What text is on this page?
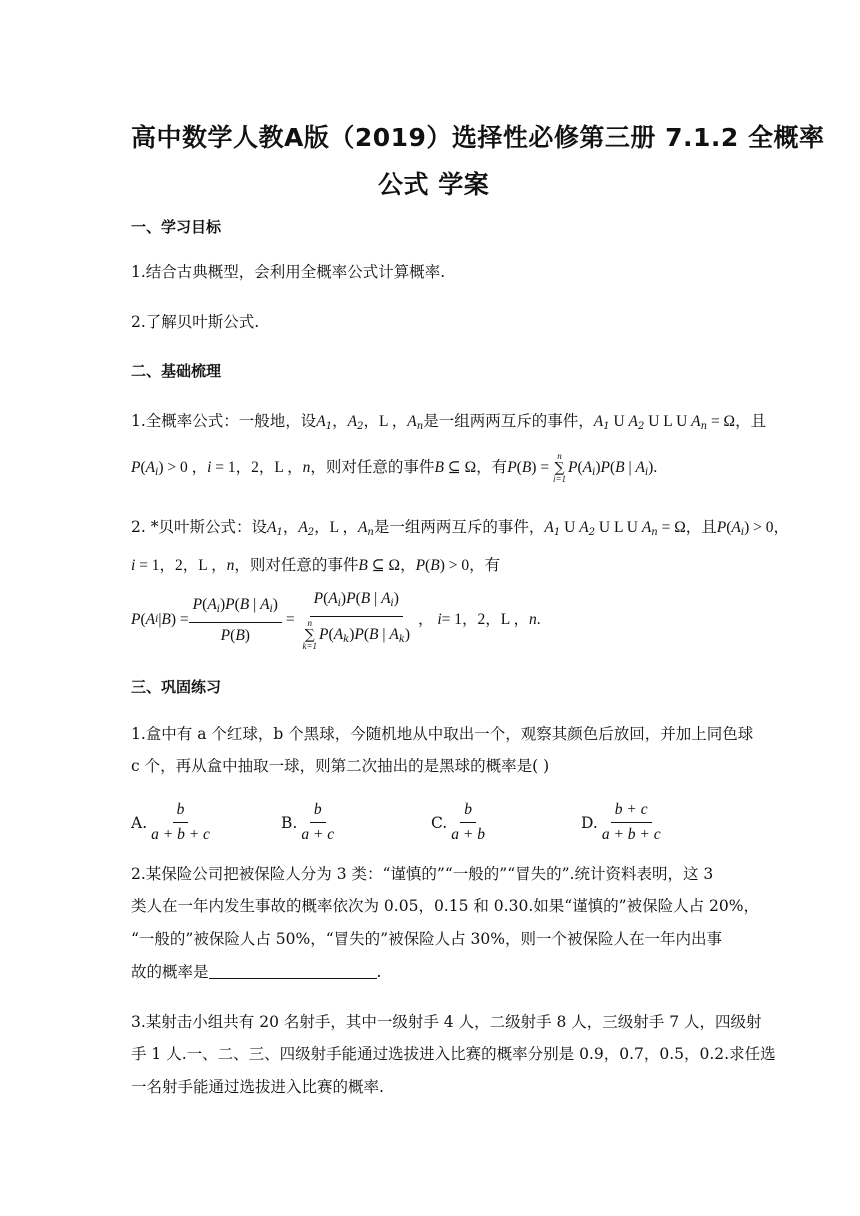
高中数学人教A版（2019）选择性必修第三册 7.1.2 全概率
公式 学案
一、学习目标
1.结合古典概型，会利用全概率公式计算概率.
2.了解贝叶斯公式.
二、基础梳理
1.全概率公式：一般地，设$A_1$，$A_2$，L ，$A_n$是一组两两互斥的事件，$A_1$ U $A_2$ U L U $A_n = \Omega$，且
$P(A_i) > 0$ ，i = 1，2，L ，n，则对任意的事件B ⊆ Ω，有P(B) =
n
∑
i=1
$P(A_i)P(B$ | $A_i$).
2. *贝叶斯公式：设$A_1$，$A_2$，L ，$A_n$是一组两两互斥的事件，$A_1$ U $A_2$ U L U $A_n = \Omega$，且$P(A_i) > 0$，
i = 1，2，L ，n，则对任意的事件B ⊆ Ω，P(B) > 0，有
P ( A i | B ) = $\frac{P(A_i)P(B | A_i)}{P(B)} = P(A_i)P(B$ | $A_i$)
n
∑
k=1
$P(A_k)P(B$ | $A_k$) ， i = 1，2，L ， n .
三、巩固练习
1.盒中有 a 个红球，b 个黑球，今随机地从中取出一个，观察其颜色后放回，并加上同色球
c 个，再从盒中抽取一球，则第二次抽出的是黑球的概率是( )
A. $\frac{b}{a + b + c}$	B. $\frac{b}{a + c}$	C. $\frac{b}{a + b}$	D. $\frac{b + c}{a + b + c}$
2.某保险公司把被保险人分为 3 类：“谨慎的”“一般的”“冒失的”.统计资料表明，这 3
类人在一年内发生事故的概率依次为 0.05，0.15 和 0.30.如果“谨慎的”被保险人占 20%，
“一般的”被保险人占 50%，“冒失的”被保险人占 30%，则一个被保险人在一年内出事
故的概率是	.
3.某射击小组共有 20 名射手，其中一级射手 4 人，二级射手 8 人，三级射手 7 人，四级射
手 1 人.一、二、三、四级射手能通过选拔进入比赛的概率分别是 0.9，0.7，0.5，0.2.求任选
一名射手能通过选拔进入比赛的概率.
